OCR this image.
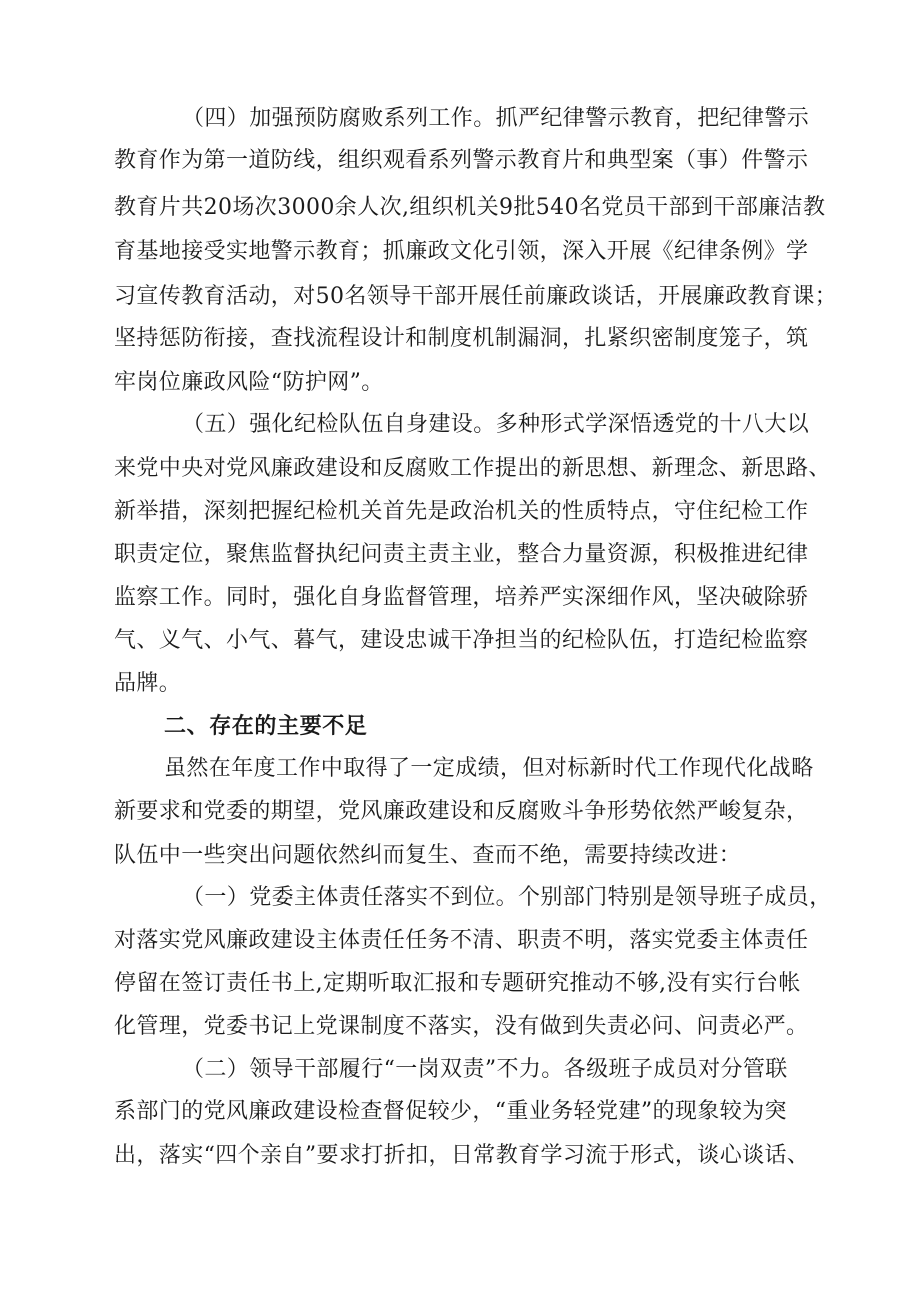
（四）加强预防腐败系列工作。抓严纪律警示教育，把纪律警示
教育作为第一道防线，组织观看系列警示教育片和典型案（事）件警示
教育片共20场次3000余人次,组织机关9批540名党员干部到干部廉洁教
育基地接受实地警示教育；抓廉政文化引领，深入开展《纪律条例》学
习宣传教育活动，对50名领导干部开展任前廉政谈话，开展廉政教育课；
坚持惩防衔接，查找流程设计和制度机制漏洞，扎紧织密制度笼子，筑
牢岗位廉政风险“防护网”。
（五）强化纪检队伍自身建设。多种形式学深悟透党的十八大以
来党中央对党风廉政建设和反腐败工作提出的新思想、新理念、新思路、
新举措，深刻把握纪检机关首先是政治机关的性质特点，守住纪检工作
职责定位，聚焦监督执纪问责主责主业，整合力量资源，积极推进纪律
监察工作。同时，强化自身监督管理，培养严实深细作风，坚决破除骄
气、义气、小气、暮气，建设忠诚干净担当的纪检队伍，打造纪检监察
品牌。
二、存在的主要不足
虽然在年度工作中取得了一定成绩，但对标新时代工作现代化战略
新要求和党委的期望，党风廉政建设和反腐败斗争形势依然严峻复杂，
队伍中一些突出问题依然纠而复生、查而不绝，需要持续改进：
（一）党委主体责任落实不到位。个别部门特别是领导班子成员，
对落实党风廉政建设主体责任任务不清、职责不明，落实党委主体责任
停留在签订责任书上,定期听取汇报和专题研究推动不够,没有实行台帐
化管理，党委书记上党课制度不落实，没有做到失责必问、问责必严。
（二）领导干部履行“一岗双责”不力。各级班子成员对分管联
系部门的党风廉政建设检查督促较少，“重业务轻党建”的现象较为突
出，落实“四个亲自”要求打折扣，日常教育学习流于形式，谈心谈话、
